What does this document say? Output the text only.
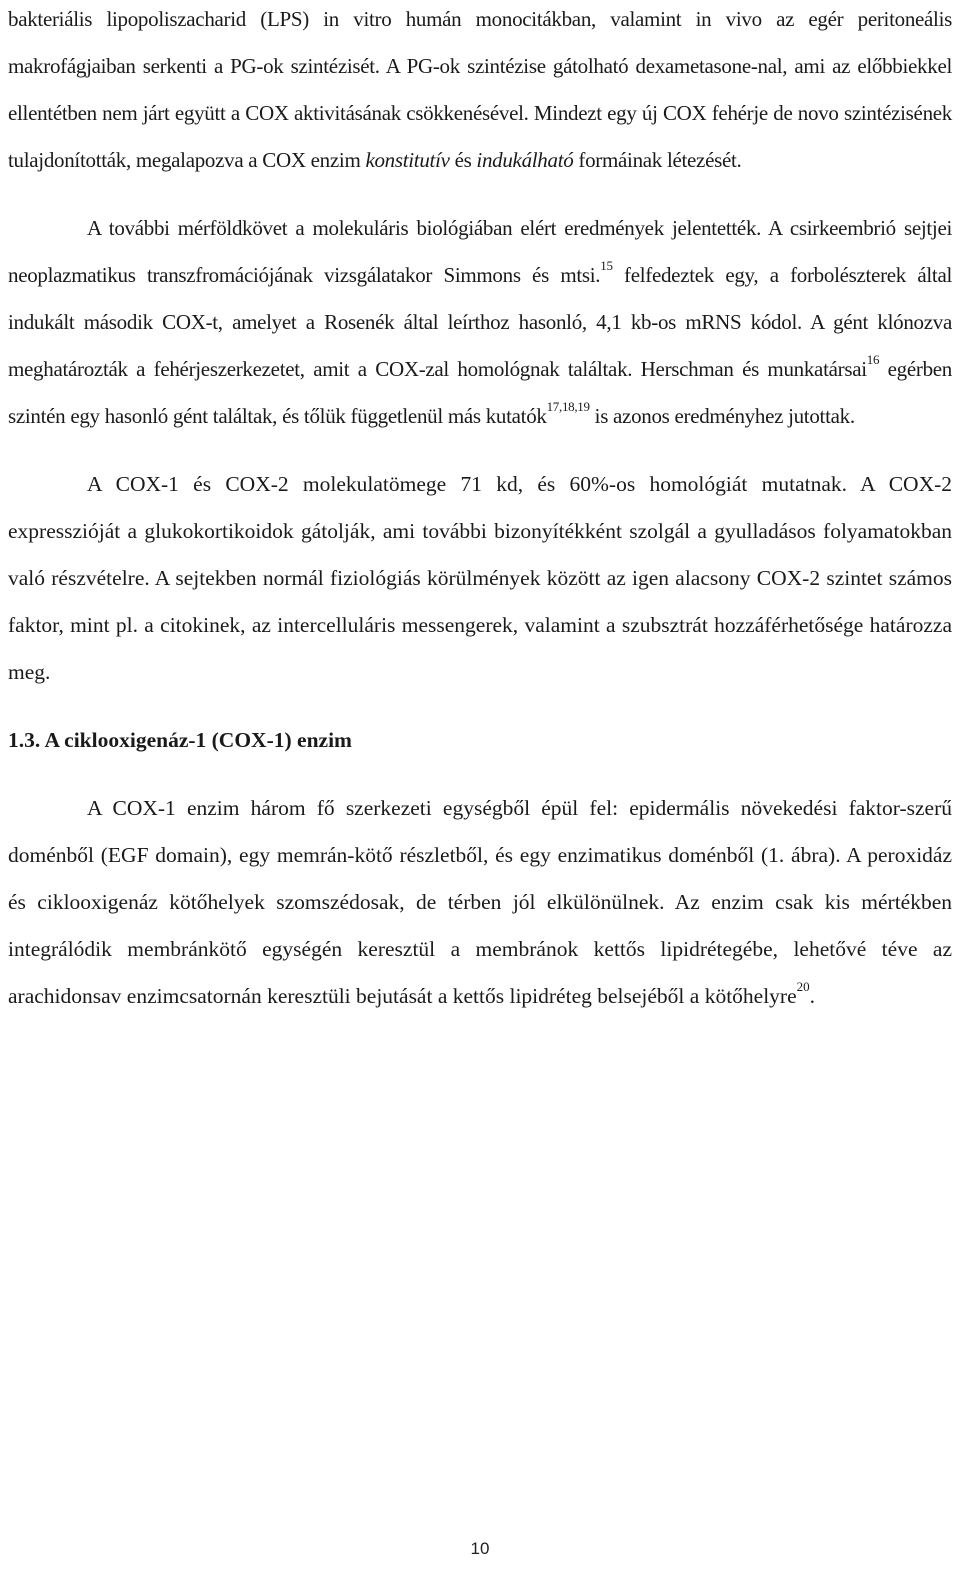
bakteriális lipopoliszacharid (LPS) in vitro humán monocitákban, valamint in vivo az egér peritoneális makrofágjaiban serkenti a PG-ok szintézisét. A PG-ok szintézise gátolható dexametasone-nal, ami az előbbiekkel ellentétben nem járt együtt a COX aktivitásának csökkenésével. Mindezt egy új COX fehérje de novo szintézisének tulajdonították, megalapozva a COX enzim konstitutív és indukálható formáinak létezését.

A további mérföldkövet a molekuláris biológiában elért eredmények jelentették. A csirkeembrió sejtjei neoplazmatikus transzfromációjának vizsgálatakor Simmons és mtsi.$^{15}$ felfedeztek egy, a forbolészterek által indukált második COX-t, amelyet a Rosenék által leírthoz hasonló, 4,1 kb-os mRNS kódol. A gént klónozva meghatározták a fehérjeszerkezetet, amit a COX-zal homológnak találtak. Herschman és munkatársai$^{16}$ egérben szintén egy hasonló gént találtak, és tőlük függetlenül más kutatók$^{17,18,19}$ is azonos eredményhez jutottak.

A COX-1 és COX-2 molekulatömege 71 kd, és 60%-os homológiát mutatnak. A COX-2 expresszióját a glukokortikoidok gátolják, ami további bizonyítékként szolgál a gyulladásos folyamatokban való részvételre. A sejtekben normál fiziológiás körülmények között az igen alacsony COX-2 szintet számos faktor, mint pl. a citokinek, az intercelluláris messengerek, valamint a szubsztrát hozzáférhetősége határozza meg.

1.3. A ciklooxigenáz-1 (COX-1) enzim

A COX-1 enzim három fő szerkezeti egységből épül fel: epidermális növekedési faktor-szerű doménből (EGF domain), egy memrán-kötő részletből, és egy enzimatikus doménből (1. ábra). A peroxidáz és ciklooxigenáz kötőhelyek szomszédosak, de térben jól elkülönülnek. Az enzim csak kis mértékben integrálódik membránkötő egységén keresztül a membránok kettős lipidrétegébe, lehetővé téve az arachidonsav enzimcsatornán keresztüli bejutását a kettős lipidréteg belsejéből a kötőhelyre$^{20}$.

10
